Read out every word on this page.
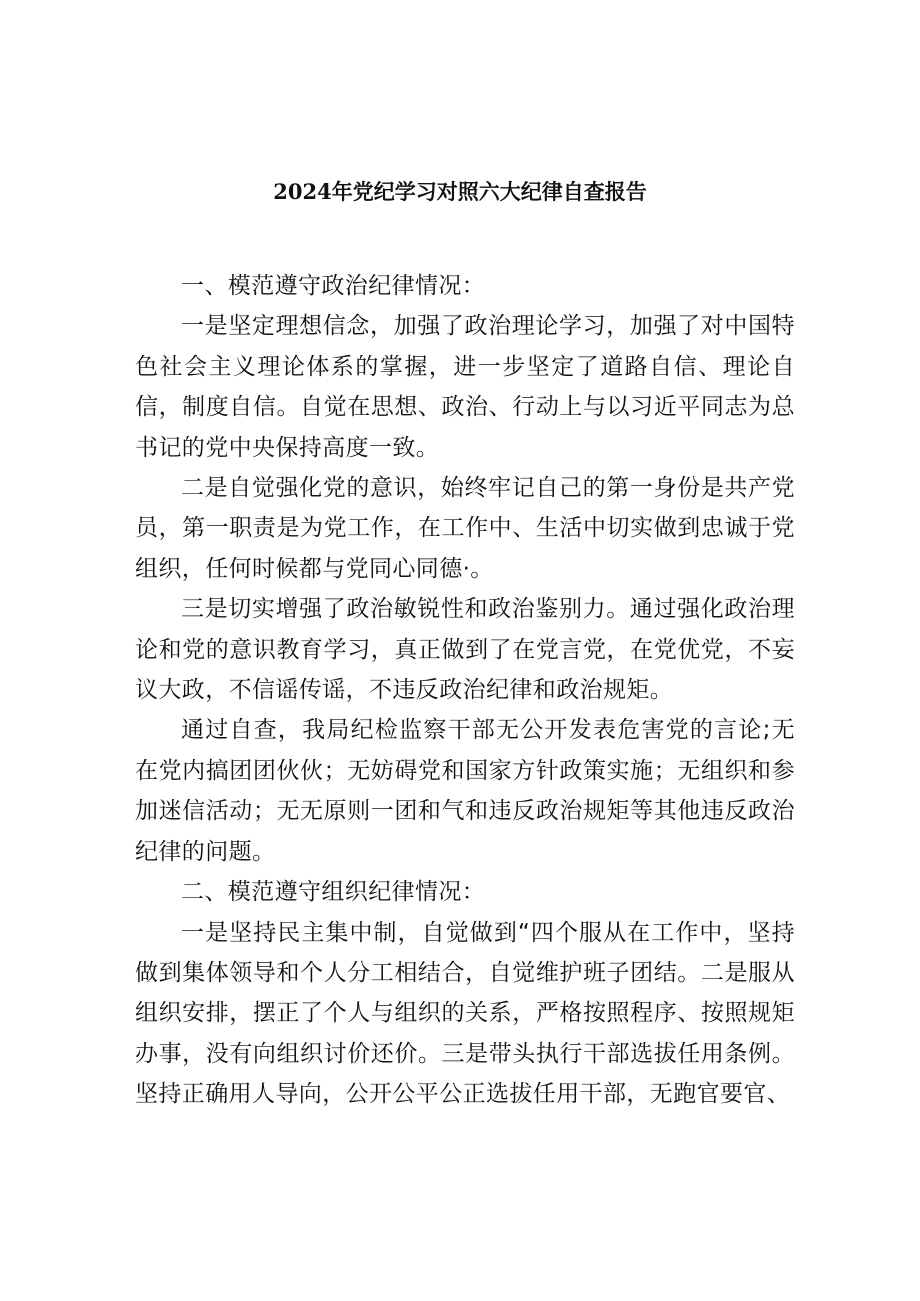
2024年党纪学习对照六大纪律自查报告

一、模范遵守政治纪律情况：

一是坚定理想信念，加强了政治理论学习，加强了对中国特色社会主义理论体系的掌握，进一步坚定了道路自信、理论自信，制度自信。自觉在思想、政治、行动上与以习近平同志为总书记的党中央保持高度一致。

二是自觉强化党的意识，始终牢记自己的第一身份是共产党员，第一职责是为党工作，在工作中、生活中切实做到忠诚于党组织，任何时候都与党同心同德·。

三是切实增强了政治敏锐性和政治鉴别力。通过强化政治理论和党的意识教育学习，真正做到了在党言党，在党优党，不妄议大政，不信谣传谣，不违反政治纪律和政治规矩。

通过自查，我局纪检监察干部无公开发表危害党的言论;无在党内搞团团伙伙；无妨碍党和国家方针政策实施；无组织和参加迷信活动；无无原则一团和气和违反政治规矩等其他违反政治纪律的问题。

二、模范遵守组织纪律情况：

一是坚持民主集中制，自觉做到“四个服从在工作中，坚持做到集体领导和个人分工相结合，自觉维护班子团结。二是服从组织安排，摆正了个人与组织的关系，严格按照程序、按照规矩办事，没有向组织讨价还价。三是带头执行干部选拔任用条例。坚持正确用人导向，公开公平公正选拔任用干部，无跑官要官、
